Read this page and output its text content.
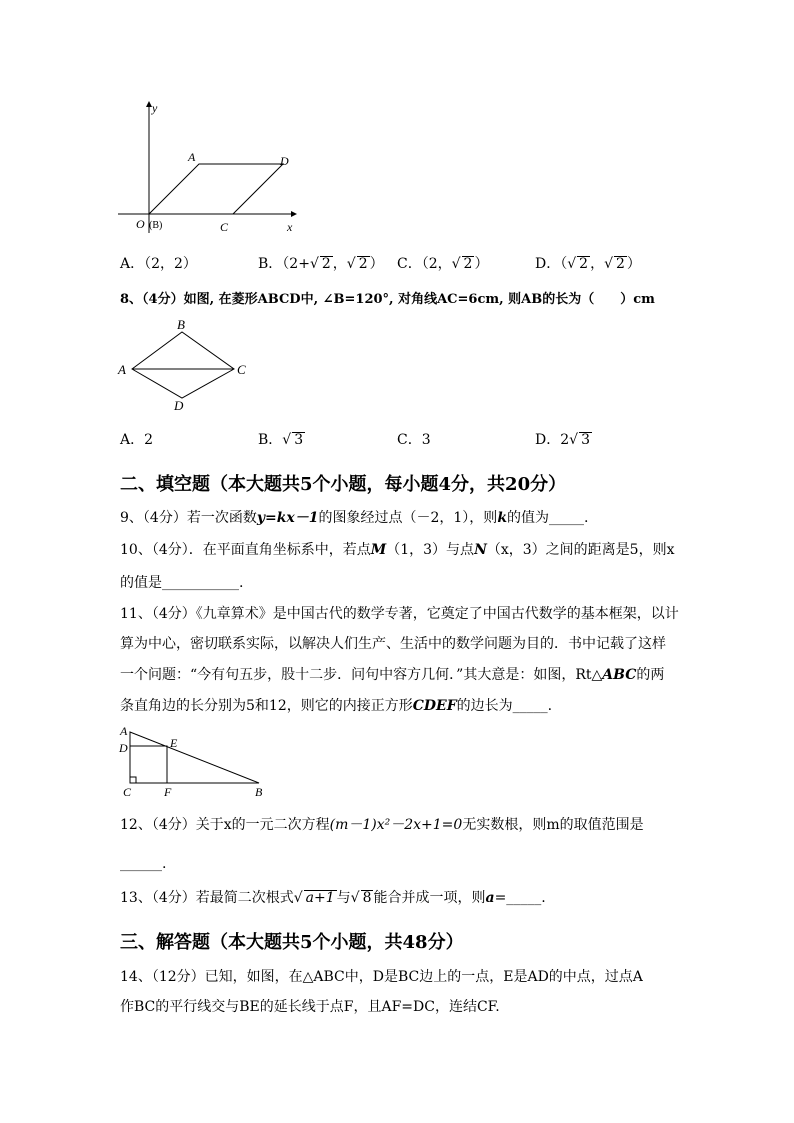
y
x
A	D
O (B)	C
A．（2，2）	B．（2+√ 2 ，√ 2 ） C．（2，√ 2 ）	D．（√ 2 ，√ 2 ）
8、（4分）如图, 在菱形ABCD中, ∠B=120°, 对角线AC=6cm, 则AB的长为（　　）cm
B
A	C
D
A．2	B．√ 3	C．3	D．2√ 3
二、填空题（本大题共5个小题，每小题4分，共20分）
9、（4分）若一次函数y=kx－1的图象经过点（－2，1），则k的值为_____.
10、（4分）．在平面直角坐标系中，若点M（1，3）与点N（x，3）之间的距离是5，则x
的值是___________.
11、（4分）《九章算术》是中国古代的数学专著，它奠定了中国古代数学的基本框架，以计
算为中心，密切联系实际，以解决人们生产、生活中的数学问题为目的．书中记载了这样
一个问题：“今有句五步，股十二步．问句中容方几何．”其大意是：如图，Rt△ABC的两
条直角边的长分别为5和12，则它的内接正方形CDEF的边长为_____.
A
D	E
C	F	B
12、（4分）关于x的一元二次方程(m－1)x²－2x+1=0无实数根，则m的取值范围是
______.
13、（4分）若最简二次根式√ a+1 与√ 8 能合并成一项，则a=_____.
三、解答题（本大题共5个小题，共48分）
14、（12分）已知，如图，在△ABC中，D是BC边上的一点，E是AD的中点，过点A
作BC的平行线交与BE的延长线于点F，且AF=DC，连结CF.
